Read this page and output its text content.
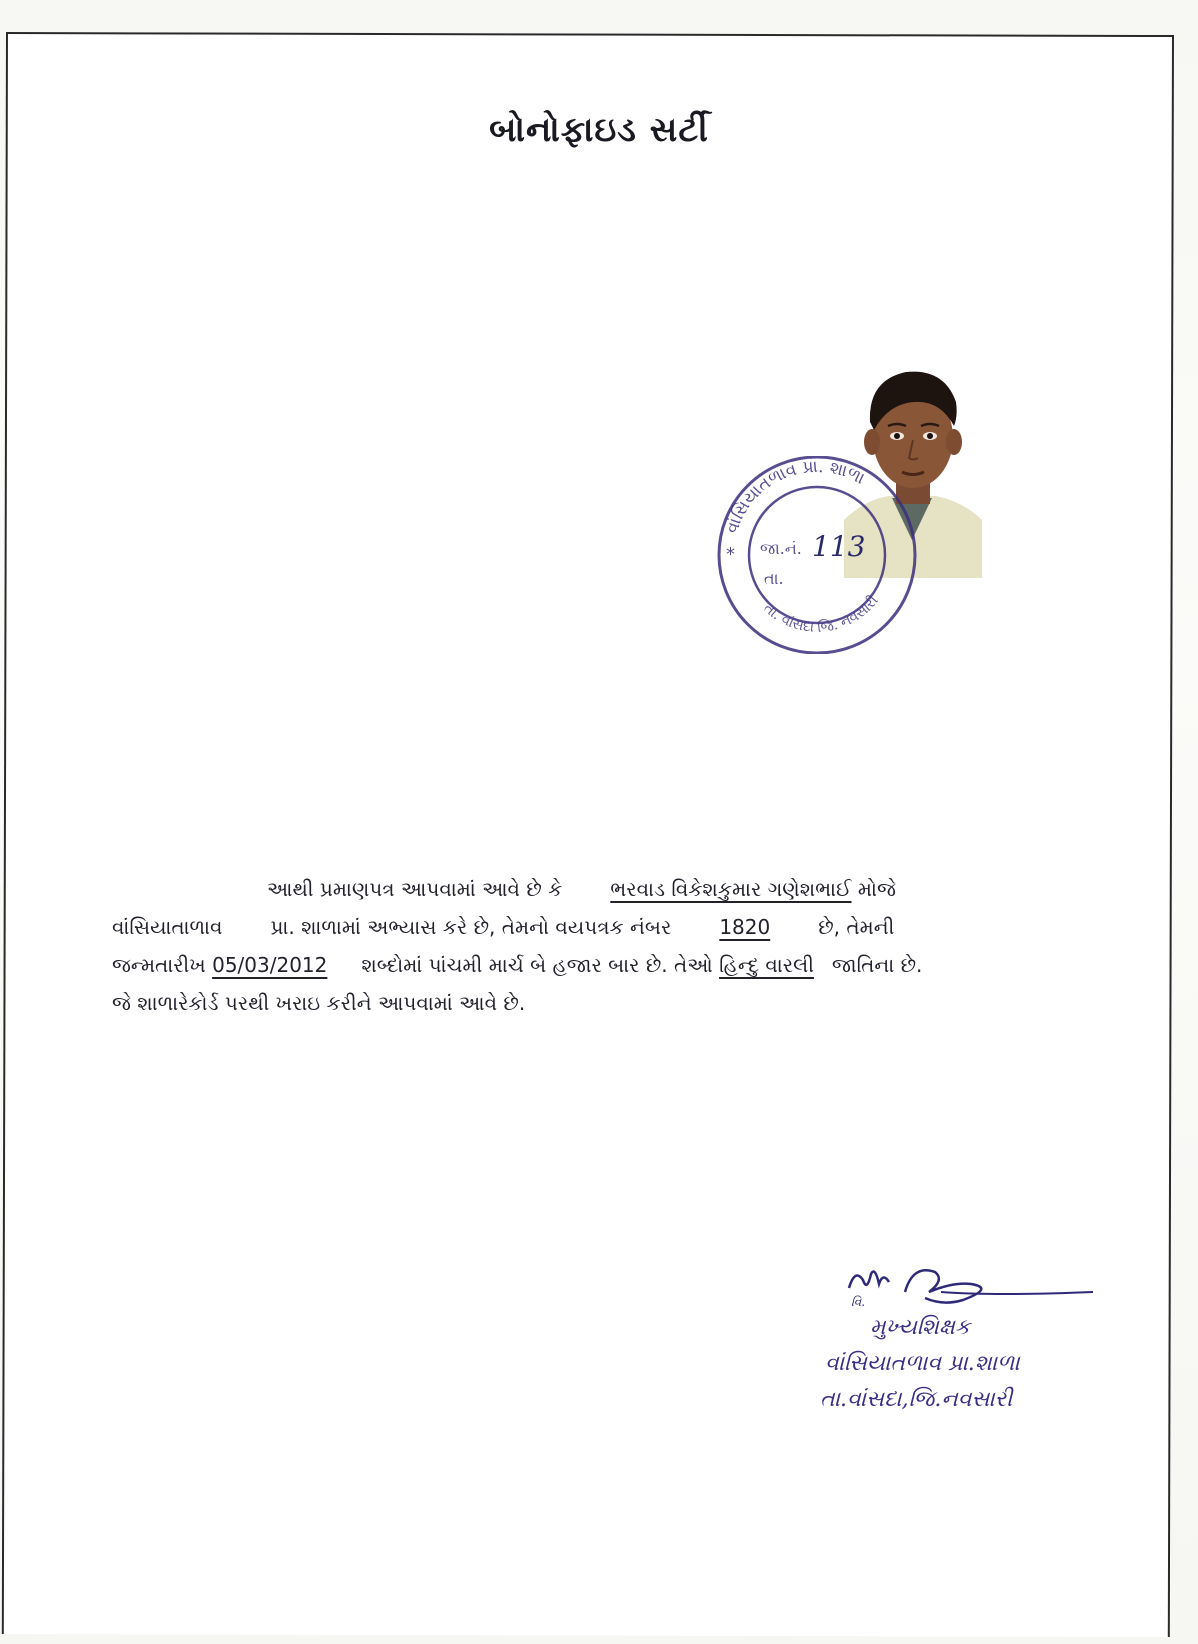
બોનોફાઇડ સર્ટી
વાંસિયાતળાવ પ્રા. શાળા
તા. વાંસદા જિ. નવસારી
* જા.નં. 113
તા.
આથી પ્રમાણપત્ર આપવામાં આવે છે કે ભરવાડ વિકેશકુમાર ગણેશભાઈ મોજે
વાંસિયાતાળાવ પ્રા. શાળામાં અભ્યાસ કરે છે, તેમનો વયપત્રક નંબર 1820 છે, તેમની
જન્મતારીખ 05/03/2012 શબ્દોમાં પાંચમી માર્ચ બે હજાર બાર છે. તેઓ હિન્દુ વારલી જાતિના છે.
જે શાળારેકોર્ડ પરથી ખરાઇ કરીને આપવામાં આવે છે.
વિ.
મુખ્યશિક્ષક
વાંસિયાતળાવ પ્રા.શાળા
તા.વાંસદા,જિ.નવસારી
